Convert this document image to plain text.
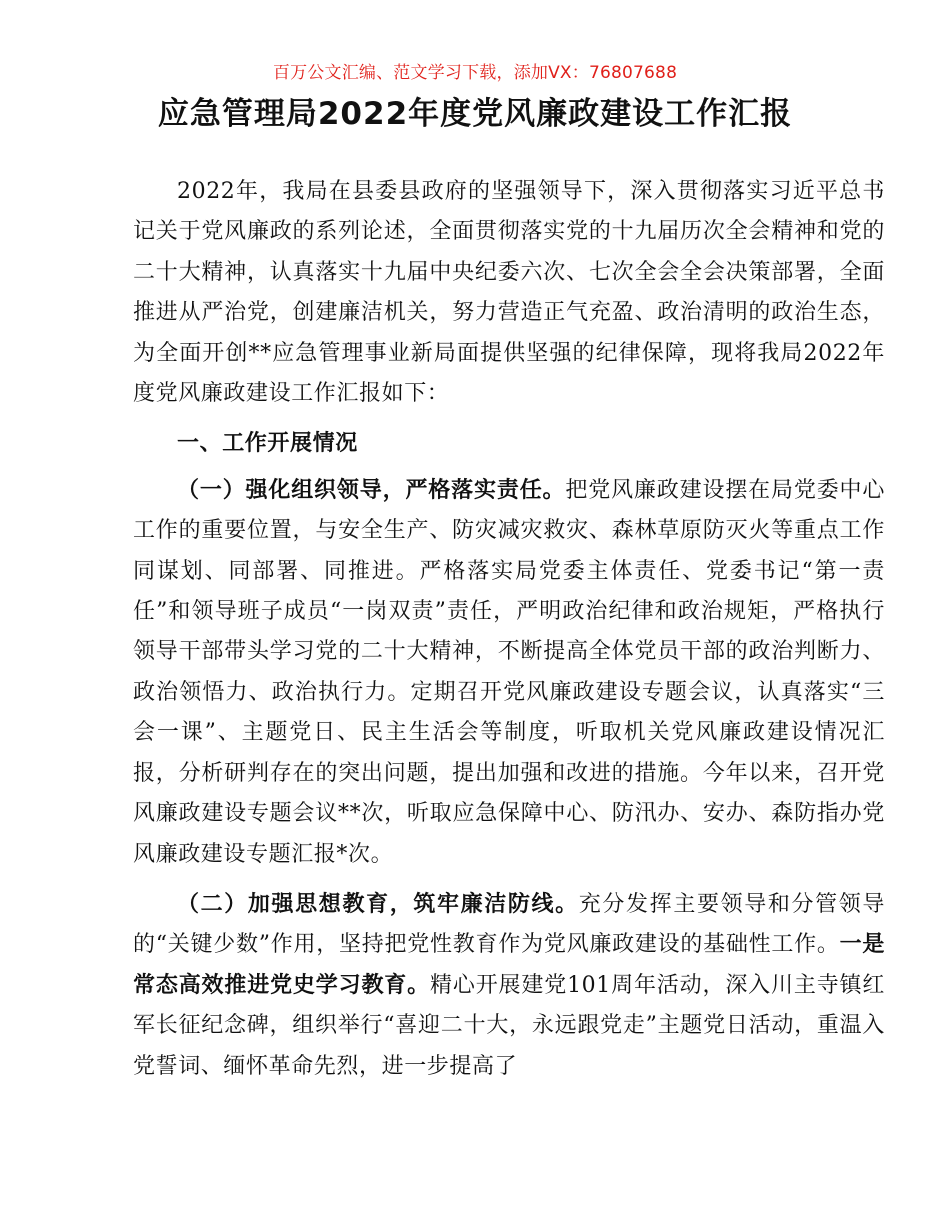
百万公文汇编、范文学习下载，添加VX：76807688
应急管理局2022年度党风廉政建设工作汇报

2022年，我局在县委县政府的坚强领导下，深入贯彻落实习近平总书记关于党风廉政的系列论述，全面贯彻落实党的十九届历次全会精神和党的二十大精神，认真落实十九届中央纪委六次、七次全会全会决策部署，全面推进从严治党，创建廉洁机关，努力营造正气充盈、政治清明的政治生态，为全面开创**应急管理事业新局面提供坚强的纪律保障，现将我局2022年度党风廉政建设工作汇报如下：

一、工作开展情况

（一）强化组织领导，严格落实责任。把党风廉政建设摆在局党委中心工作的重要位置，与安全生产、防灾减灾救灾、森林草原防灭火等重点工作同谋划、同部署、同推进。严格落实局党委主体责任、党委书记“第一责任”和领导班子成员“一岗双责”责任，严明政治纪律和政治规矩，严格执行领导干部带头学习党的二十大精神，不断提高全体党员干部的政治判断力、政治领悟力、政治执行力。定期召开党风廉政建设专题会议，认真落实“三会一课”、主题党日、民主生活会等制度，听取机关党风廉政建设情况汇报，分析研判存在的突出问题，提出加强和改进的措施。今年以来，召开党风廉政建设专题会议**次，听取应急保障中心、防汛办、安办、森防指办党风廉政建设专题汇报*次。

（二）加强思想教育，筑牢廉洁防线。充分发挥主要领导和分管领导的“关键少数”作用，坚持把党性教育作为党风廉政建设的基础性工作。一是常态高效推进党史学习教育。精心开展建党101周年活动，深入川主寺镇红军长征纪念碑，组织举行“喜迎二十大，永远跟党走”主题党日活动，重温入党誓词、缅怀革命先烈，进一步提高了
